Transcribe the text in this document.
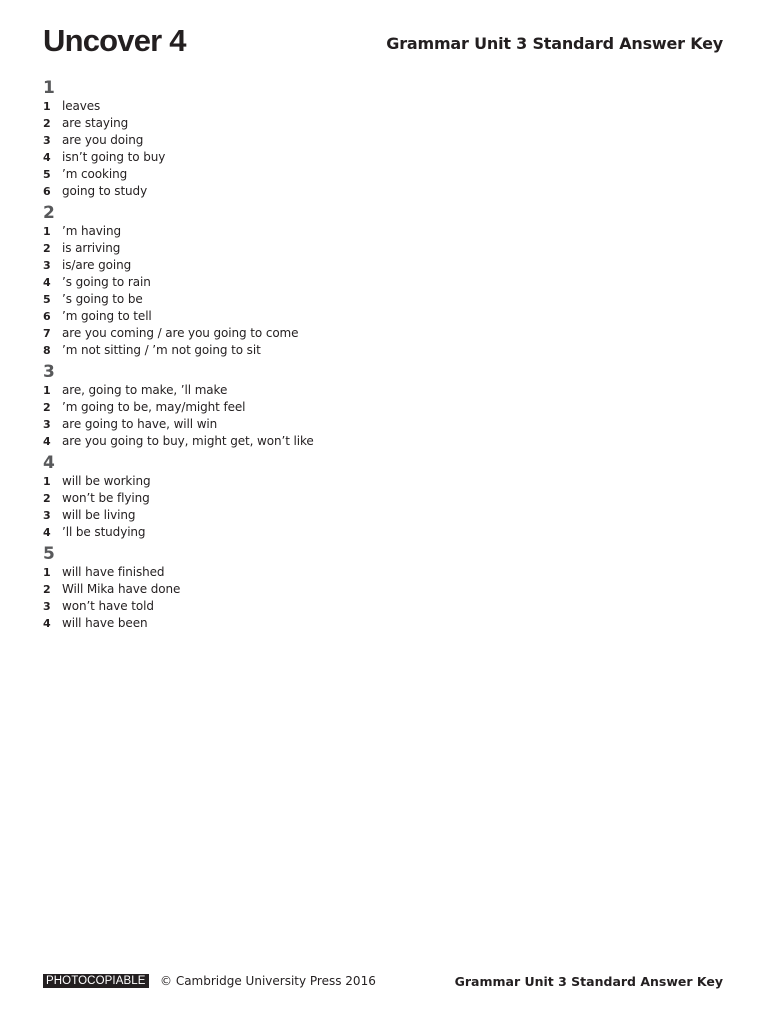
Uncover 4	Grammar Unit 3 Standard Answer Key
1
1 leaves
2 are staying
3 are you doing
4 isn’t going to buy
5 ’m cooking
6 going to study
2
1 ’m having
2 is arriving
3 is/are going
4 ’s going to rain
5 ’s going to be
6 ’m going to tell
7 are you coming / are you going to come
8 ’m not sitting / ’m not going to sit
3
1 are, going to make, ’ll make
2 ’m going to be, may/might feel
3 are going to have, will win
4 are you going to buy, might get, won’t like
4
1 will be working
2 won’t be flying
3 will be living
4 ’ll be studying
5
1 will have finished
2 Will Mika have done
3 won’t have told
4 will have been
PHOTOCOPIABLE © Cambridge University Press 2016	Grammar Unit 3 Standard Answer Key
